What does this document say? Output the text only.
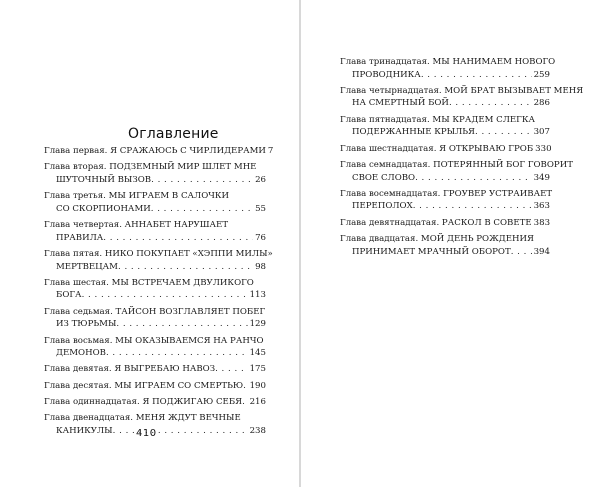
Оглавление
Глава первая. Я СРАЖАЮСЬ С ЧИРЛИДЕРАМИ 7
Глава вторая. ПОДЗЕМНЫЙ МИР ШЛЕТ МНЕ
ШУТОЧНЫЙ ВЫЗОВ . . .	26
Глава третья. МЫ ИГРАЕМ В САЛОЧКИ
СО СКОРПИОНАМИ . . .	55
Глава четвертая. АННАБЕТ НАРУШАЕТ
ПРАВИЛА . . .	76
Глава пятая. НИКО ПОКУПАЕТ «ХЭППИ МИЛЫ»
МЕРТВЕЦАМ . . .	98
Глава шестая. МЫ ВСТРЕЧАЕМ ДВУЛИКОГО
БОГА . . .	113
Глава седьмая. ТАЙСОН ВОЗГЛАВЛЯЕТ ПОБЕГ
ИЗ ТЮРЬМЫ . . .	129
Глава восьмая. МЫ ОКАЗЫВАЕМСЯ НА РАНЧО
ДЕМОНОВ . . .	145
Глава девятая. Я ВЫГРЕБАЮ НАВОЗ . . .	175
Глава десятая. МЫ ИГРАЕМ СО СМЕРТЬЮ . . . 190
Глава одиннадцатая. Я ПОДЖИГАЮ СЕБЯ . . . 216
Глава двенадцатая. МЕНЯ ЖДУТ ВЕЧНЫЕ
КАНИКУЛЫ . . .	238
410
Глава тринадцатая. МЫ НАНИМАЕМ НОВОГО
ПРОВОДНИКА . . .	259
Глава четырнадцатая. МОЙ БРАТ ВЫЗЫВАЕТ МЕНЯ
НА СМЕРТНЫЙ БОЙ . . .	286
Глава пятнадцатая. МЫ КРАДЕМ СЛЕГКА
ПОДЕРЖАННЫЕ КРЫЛЬЯ . . .	307
Глава шестнадцатая. Я ОТКРЫВАЮ ГРОБ 330
Глава семнадцатая. ПОТЕРЯННЫЙ БОГ ГОВОРИТ
СВОЕ СЛОВО . . .	349
Глава восемнадцатая. ГРОУВЕР УСТРАИВАЕТ
ПЕРЕПОЛОХ . . .	363
Глава девятнадцатая. РАСКОЛ В СОВЕТЕ 383
Глава двадцатая. МОЙ ДЕНЬ РОЖДЕНИЯ
ПРИНИМАЕТ МРАЧНЫЙ ОБОРОТ . . .	394
